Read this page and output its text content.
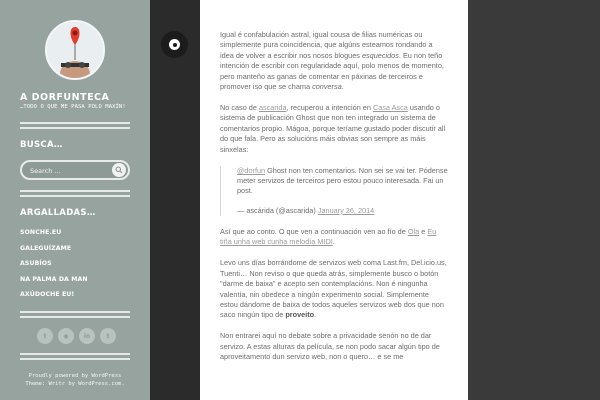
A DORFUNTECA
…TODO O QUE ME PASA POLO MAXÍN!
BUSCA…
Search …
ARGALLADAS…
SONCHE.EU
GALEGUÍZAME
ASUBÍOS
NA PALMA DA MAN
AXÚDOCHE EU!
t	◉	in	t
Proudly powered by WordPress
Theme: Writr by WordPress.com.

Igual é confabulación astral, igual cousa de filias numéricas ou simplemente pura coincidencia, que algúns esteamos rondando a idea de volver a escribir nos nosos blogues esquecidos. Eu non teño intención de escribir con regularidade aquí, polo menos de momento, pero manteño as ganas de comentar en páxinas de terceiros e promover iso que se chama conversa.

No caso de ascarida, recuperou a intención en Casa Asca usando o sistema de publicación Ghost que non ten integrado un sistema de comentarios propio. Mágoa, porque teríame gustado poder discutir all do que fala. Pero as solucións máis obvias son sempre as máis sinxelas:

@dorfun Ghost non ten comentarios. Non sei se vai ter. Pódense meter servizos de terceiros pero estou pouco interesada. Fai un post.

— ascárida (@ascarida) January 26, 2014

Así que ao conto. O que ven a continuación ven ao fío de Ola e Eu tiña unha web cunha melodía MIDI.

Levo uns días borrándome de servizos web coma Last.fm, Del.icio.us, Tuenti… Non reviso o que queda atrás, simplemente busco o botón "darme de baixa" e acepto sen contemplacións. Non é ningunha valentía, nin obedece a ningún experimento social. Simplemente estou dándome de baixa de todos aqueles servizos web dos que non saco ningún tipo de proveito.

Non entrarei aquí no debate sobre a privacidade senón no de dar servizo. A estas alturas da película, se non podo sacar algún tipo de aproveitamento dun servizo web, non o quero… e se me
